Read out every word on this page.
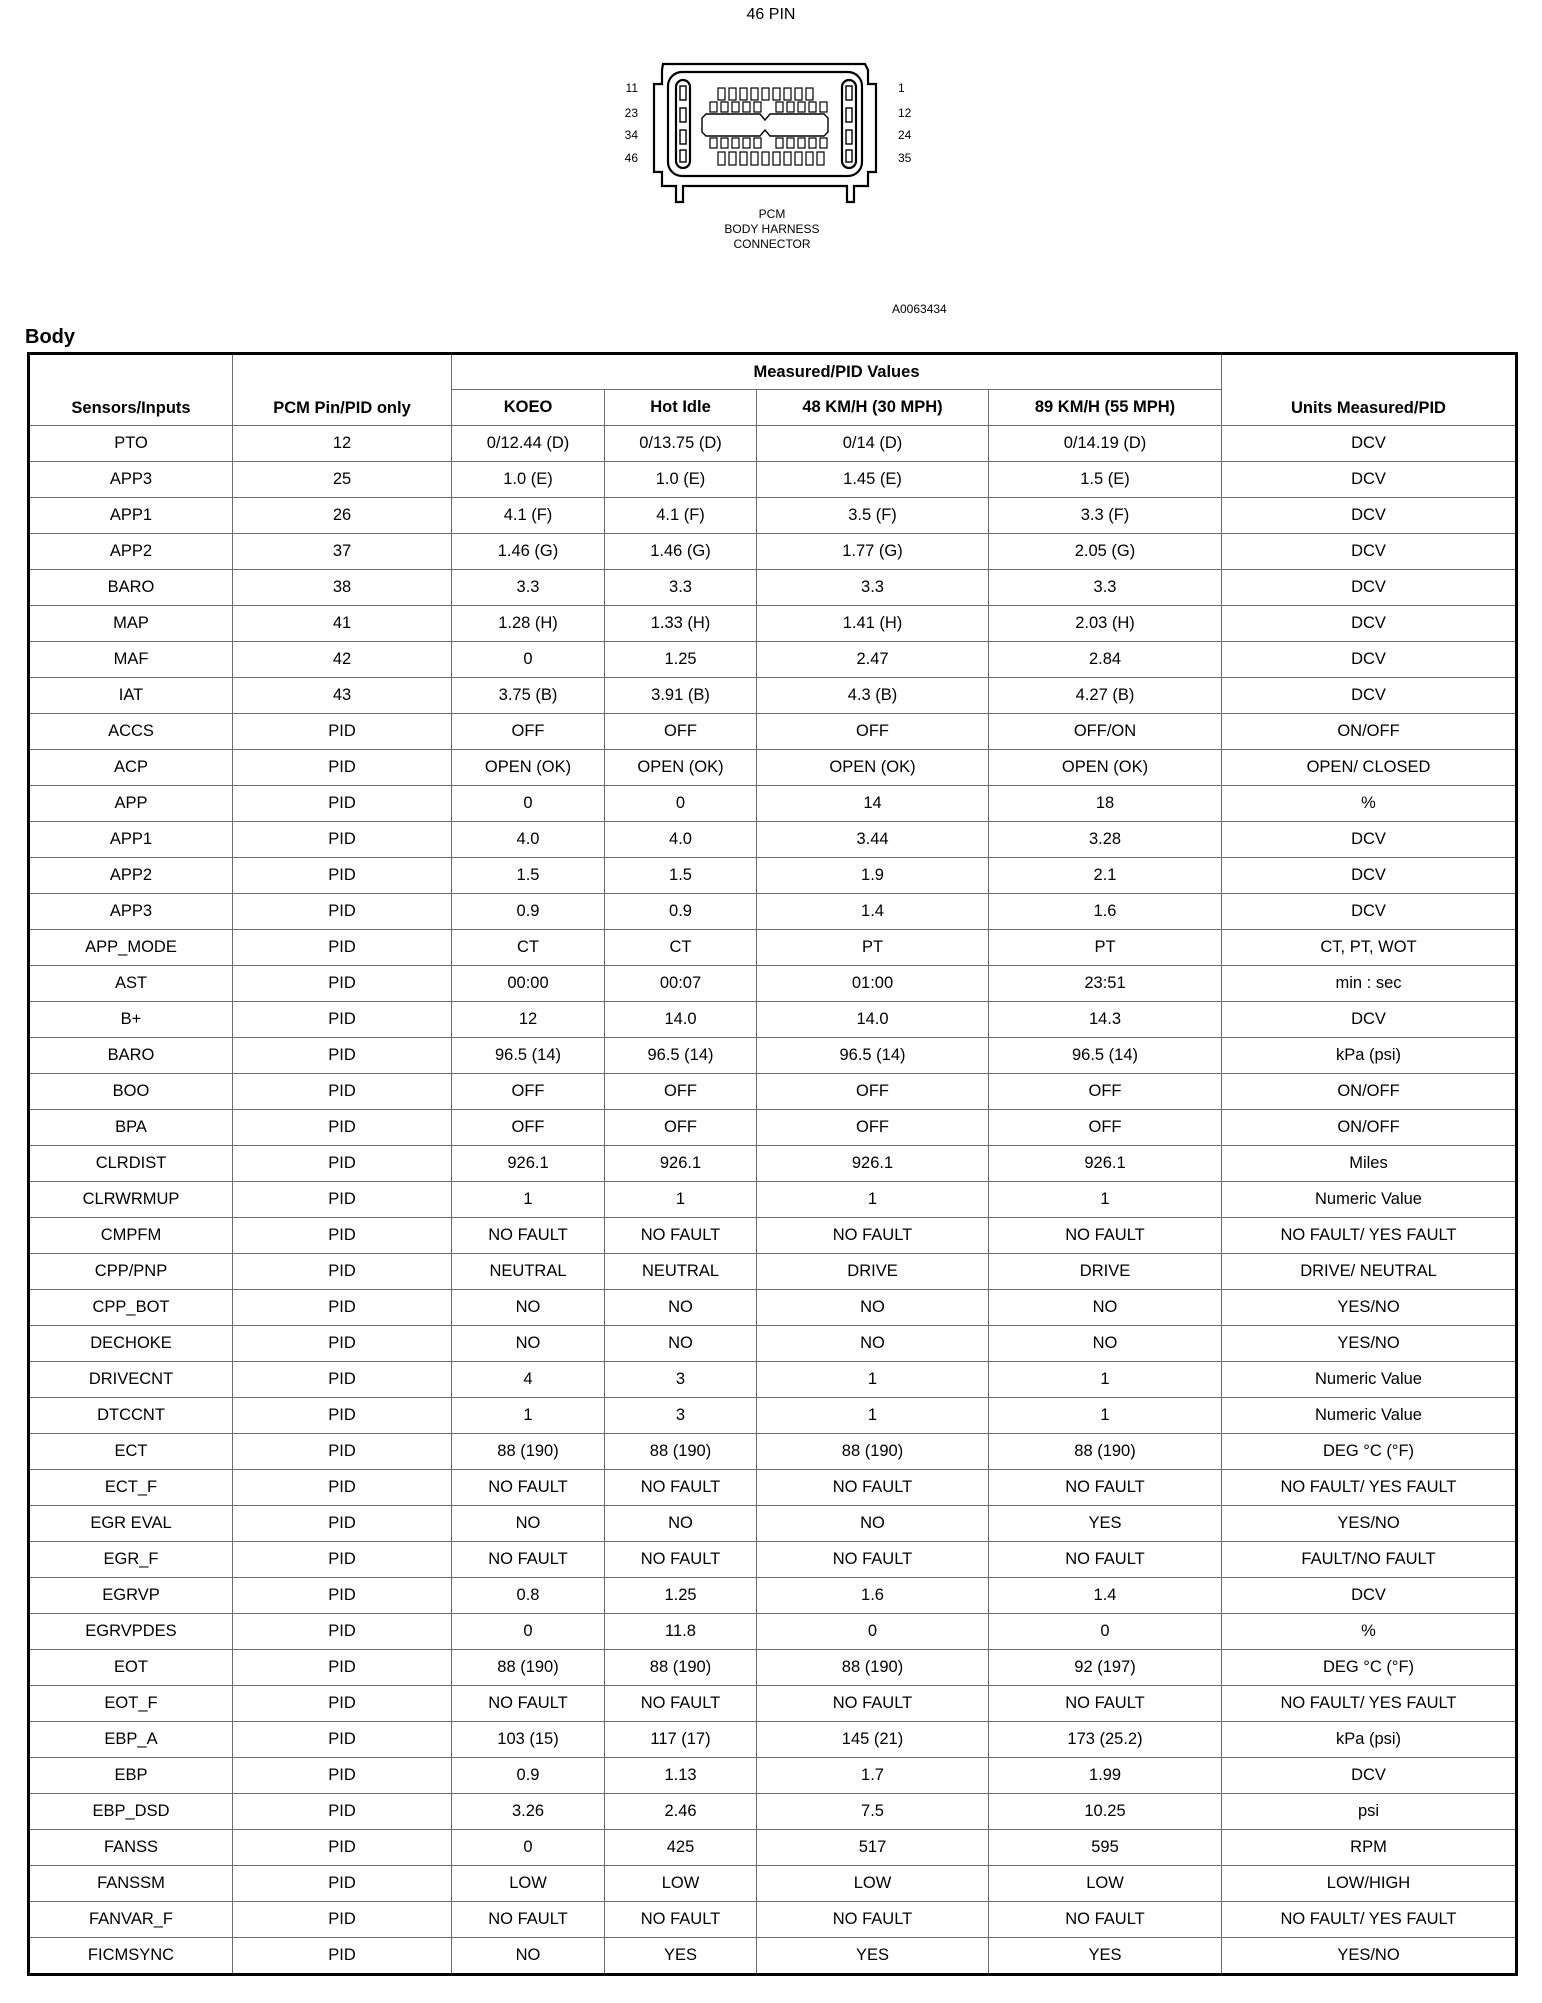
46 PIN
11
23
34
46
1
12
24
35
PCM
BODY HARNESS
CONNECTOR
A0063434
Body
Sensors/Inputs	PCM Pin/PID only	Measured/PID Values				Units Measured/PID
		KOEO	Hot Idle	48 KM/H (30 MPH)	89 KM/H (55 MPH)	
PTO	12	0/12.44 (D)	0/13.75 (D)	0/14 (D)	0/14.19 (D)	DCV
APP3	25	1.0 (E)	1.0 (E)	1.45 (E)	1.5 (E)	DCV
APP1	26	4.1 (F)	4.1 (F)	3.5 (F)	3.3 (F)	DCV
APP2	37	1.46 (G)	1.46 (G)	1.77 (G)	2.05 (G)	DCV
BARO	38	3.3	3.3	3.3	3.3	DCV
MAP	41	1.28 (H)	1.33 (H)	1.41 (H)	2.03 (H)	DCV
MAF	42	0	1.25	2.47	2.84	DCV
IAT	43	3.75 (B)	3.91 (B)	4.3 (B)	4.27 (B)	DCV
ACCS	PID	OFF	OFF	OFF	OFF/ON	ON/OFF
ACP	PID	OPEN (OK)	OPEN (OK)	OPEN (OK)	OPEN (OK)	OPEN/ CLOSED
APP	PID	0	0	14	18	%
APP1	PID	4.0	4.0	3.44	3.28	DCV
APP2	PID	1.5	1.5	1.9	2.1	DCV
APP3	PID	0.9	0.9	1.4	1.6	DCV
APP_MODE	PID	CT	CT	PT	PT	CT, PT, WOT
AST	PID	00:00	00:07	01:00	23:51	min : sec
B+	PID	12	14.0	14.0	14.3	DCV
BARO	PID	96.5 (14)	96.5 (14)	96.5 (14)	96.5 (14)	kPa (psi)
BOO	PID	OFF	OFF	OFF	OFF	ON/OFF
BPA	PID	OFF	OFF	OFF	OFF	ON/OFF
CLRDIST	PID	926.1	926.1	926.1	926.1	Miles
CLRWRMUP	PID	1	1	1	1	Numeric Value
CMPFM	PID	NO FAULT	NO FAULT	NO FAULT	NO FAULT	NO FAULT/ YES FAULT
CPP/PNP	PID	NEUTRAL	NEUTRAL	DRIVE	DRIVE	DRIVE/ NEUTRAL
CPP_BOT	PID	NO	NO	NO	NO	YES/NO
DECHOKE	PID	NO	NO	NO	NO	YES/NO
DRIVECNT	PID	4	3	1	1	Numeric Value
DTCCNT	PID	1	3	1	1	Numeric Value
ECT	PID	88 (190)	88 (190)	88 (190)	88 (190)	DEG °C (°F)
ECT_F	PID	NO FAULT	NO FAULT	NO FAULT	NO FAULT	NO FAULT/ YES FAULT
EGR EVAL	PID	NO	NO	NO	YES	YES/NO
EGR_F	PID	NO FAULT	NO FAULT	NO FAULT	NO FAULT	FAULT/NO FAULT
EGRVP	PID	0.8	1.25	1.6	1.4	DCV
EGRVPDES	PID	0	11.8	0	0	%
EOT	PID	88 (190)	88 (190)	88 (190)	92 (197)	DEG °C (°F)
EOT_F	PID	NO FAULT	NO FAULT	NO FAULT	NO FAULT	NO FAULT/ YES FAULT
EBP_A	PID	103 (15)	117 (17)	145 (21)	173 (25.2)	kPa (psi)
EBP	PID	0.9	1.13	1.7	1.99	DCV
EBP_DSD	PID	3.26	2.46	7.5	10.25	psi
FANSS	PID	0	425	517	595	RPM
FANSSM	PID	LOW	LOW	LOW	LOW	LOW/HIGH
FANVAR_F	PID	NO FAULT	NO FAULT	NO FAULT	NO FAULT	NO FAULT/ YES FAULT
FICMSYNC	PID	NO	YES	YES	YES	YES/NO
